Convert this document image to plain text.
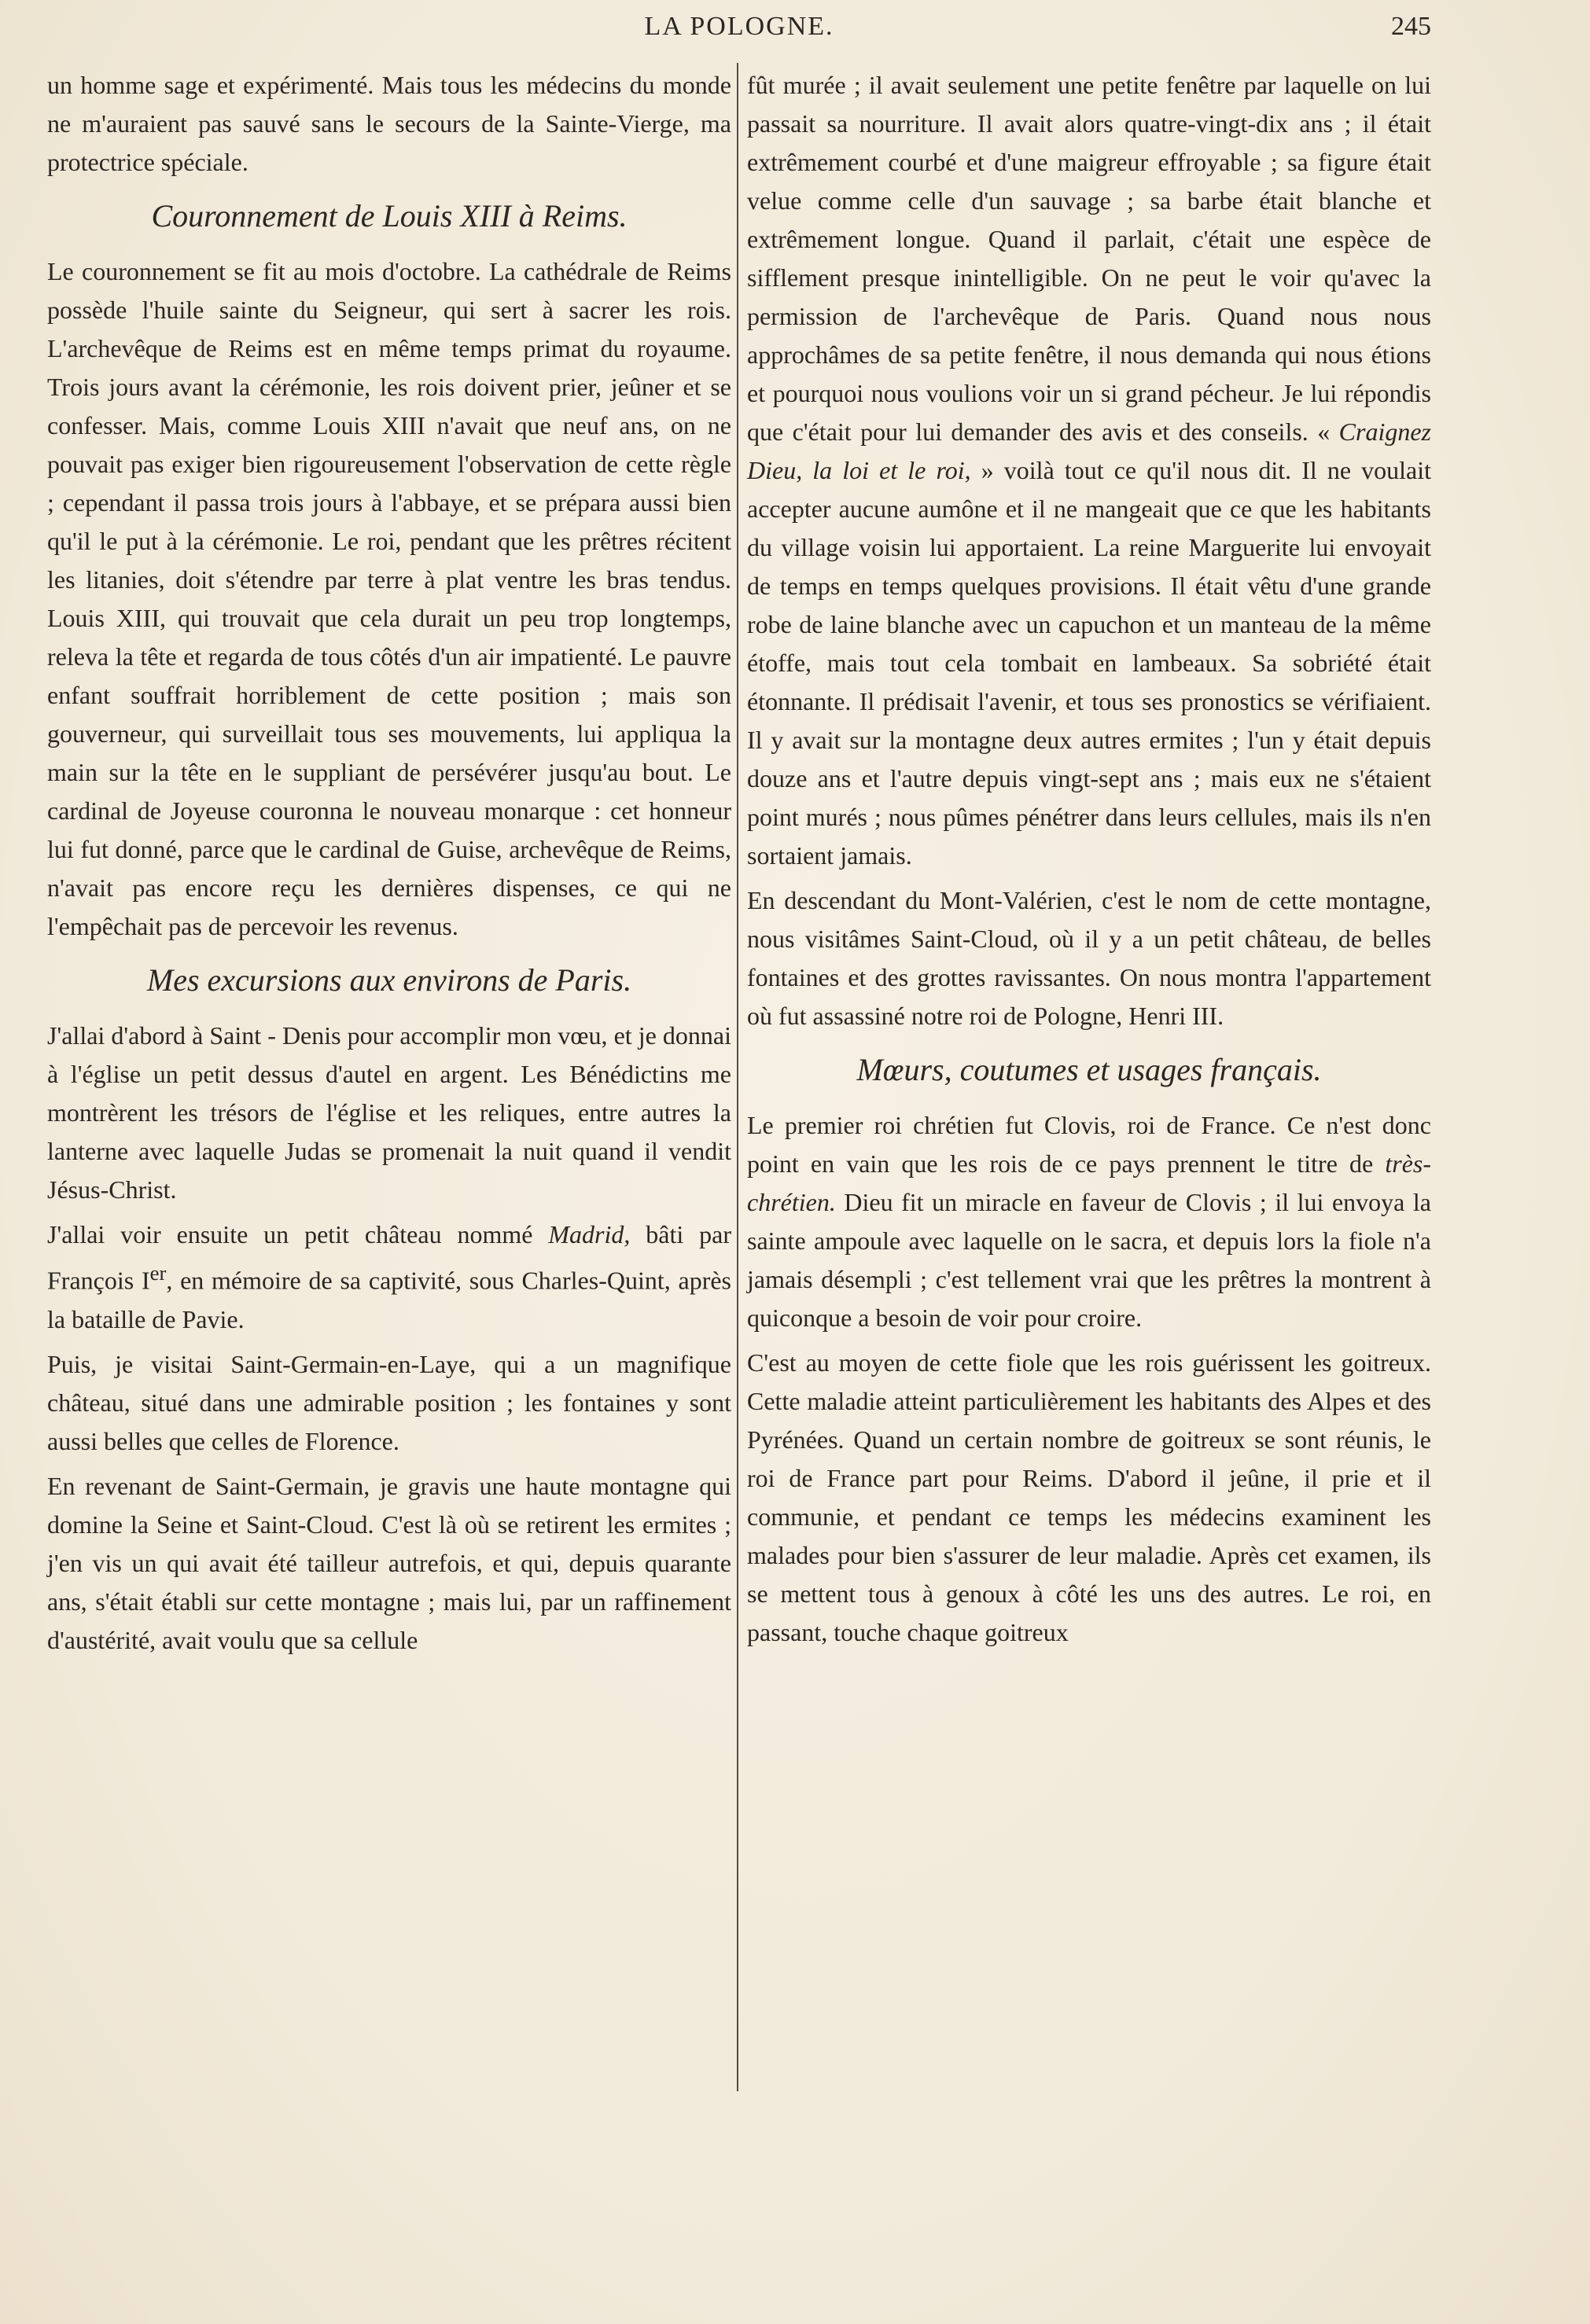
LA POLOGNE.	245

un homme sage et expérimenté. Mais tous les médecins du monde ne m'auraient pas sauvé sans le secours de la Sainte-Vierge, ma protectrice spéciale.

Couronnement de Louis XIII à Reims.

Le couronnement se fit au mois d'octobre. La cathédrale de Reims possède l'huile sainte du Seigneur, qui sert à sacrer les rois. L'archevêque de Reims est en même temps primat du royaume. Trois jours avant la cérémonie, les rois doivent prier, jeûner et se confesser. Mais, comme Louis XIII n'avait que neuf ans, on ne pouvait pas exiger bien rigoureusement l'observation de cette règle ; cependant il passa trois jours à l'abbaye, et se prépara aussi bien qu'il le put à la cérémonie. Le roi, pendant que les prêtres récitent les litanies, doit s'étendre par terre à plat ventre les bras tendus. Louis XIII, qui trouvait que cela durait un peu trop longtemps, releva la tête et regarda de tous côtés d'un air impatienté. Le pauvre enfant souffrait horriblement de cette position ; mais son gouverneur, qui surveillait tous ses mouvements, lui appliqua la main sur la tête en le suppliant de persévérer jusqu'au bout. Le cardinal de Joyeuse couronna le nouveau monarque : cet honneur lui fut donné, parce que le cardinal de Guise, archevêque de Reims, n'avait pas encore reçu les dernières dispenses, ce qui ne l'empêchait pas de percevoir les revenus.

Mes excursions aux environs de Paris.

J'allai d'abord à Saint - Denis pour accomplir mon vœu, et je donnai à l'église un petit dessus d'autel en argent. Les Bénédictins me montrèrent les trésors de l'église et les reliques, entre autres la lanterne avec laquelle Judas se promenait la nuit quand il vendit Jésus-Christ.

J'allai voir ensuite un petit château nommé Madrid, bâti par François Ier, en mémoire de sa captivité, sous Charles-Quint, après la bataille de Pavie.

Puis, je visitai Saint-Germain-en-Laye, qui a un magnifique château, situé dans une admirable position ; les fontaines y sont aussi belles que celles de Florence.

En revenant de Saint-Germain, je gravis une haute montagne qui domine la Seine et Saint-Cloud. C'est là où se retirent les ermites ; j'en vis un qui avait été tailleur autrefois, et qui, depuis quarante ans, s'était établi sur cette montagne ; mais lui, par un raffinement d'austérité, avait voulu que sa cellule

fût murée ; il avait seulement une petite fenêtre par laquelle on lui passait sa nourriture. Il avait alors quatre-vingt-dix ans ; il était extrêmement courbé et d'une maigreur effroyable ; sa figure était velue comme celle d'un sauvage ; sa barbe était blanche et extrêmement longue. Quand il parlait, c'était une espèce de sifflement presque inintelligible. On ne peut le voir qu'avec la permission de l'archevêque de Paris. Quand nous nous approchâmes de sa petite fenêtre, il nous demanda qui nous étions et pourquoi nous voulions voir un si grand pécheur. Je lui répondis que c'était pour lui demander des avis et des conseils. « Craignez Dieu, la loi et le roi, » voilà tout ce qu'il nous dit. Il ne voulait accepter aucune aumône et il ne mangeait que ce que les habitants du village voisin lui apportaient. La reine Marguerite lui envoyait de temps en temps quelques provisions. Il était vêtu d'une grande robe de laine blanche avec un capuchon et un manteau de la même étoffe, mais tout cela tombait en lambeaux. Sa sobriété était étonnante. Il prédisait l'avenir, et tous ses pronostics se vérifiaient. Il y avait sur la montagne deux autres ermites ; l'un y était depuis douze ans et l'autre depuis vingt-sept ans ; mais eux ne s'étaient point murés ; nous pûmes pénétrer dans leurs cellules, mais ils n'en sortaient jamais.

En descendant du Mont-Valérien, c'est le nom de cette montagne, nous visitâmes Saint-Cloud, où il y a un petit château, de belles fontaines et des grottes ravissantes. On nous montra l'appartement où fut assassiné notre roi de Pologne, Henri III.

Mœurs, coutumes et usages français.

Le premier roi chrétien fut Clovis, roi de France. Ce n'est donc point en vain que les rois de ce pays prennent le titre de très-chrétien. Dieu fit un miracle en faveur de Clovis ; il lui envoya la sainte ampoule avec laquelle on le sacra, et depuis lors la fiole n'a jamais désempli ; c'est tellement vrai que les prêtres la montrent à quiconque a besoin de voir pour croire.

C'est au moyen de cette fiole que les rois guérissent les goitreux. Cette maladie atteint particulièrement les habitants des Alpes et des Pyrénées. Quand un certain nombre de goitreux se sont réunis, le roi de France part pour Reims. D'abord il jeûne, il prie et il communie, et pendant ce temps les médecins examinent les malades pour bien s'assurer de leur maladie. Après cet examen, ils se mettent tous à genoux à côté les uns des autres. Le roi, en passant, touche chaque goitreux
